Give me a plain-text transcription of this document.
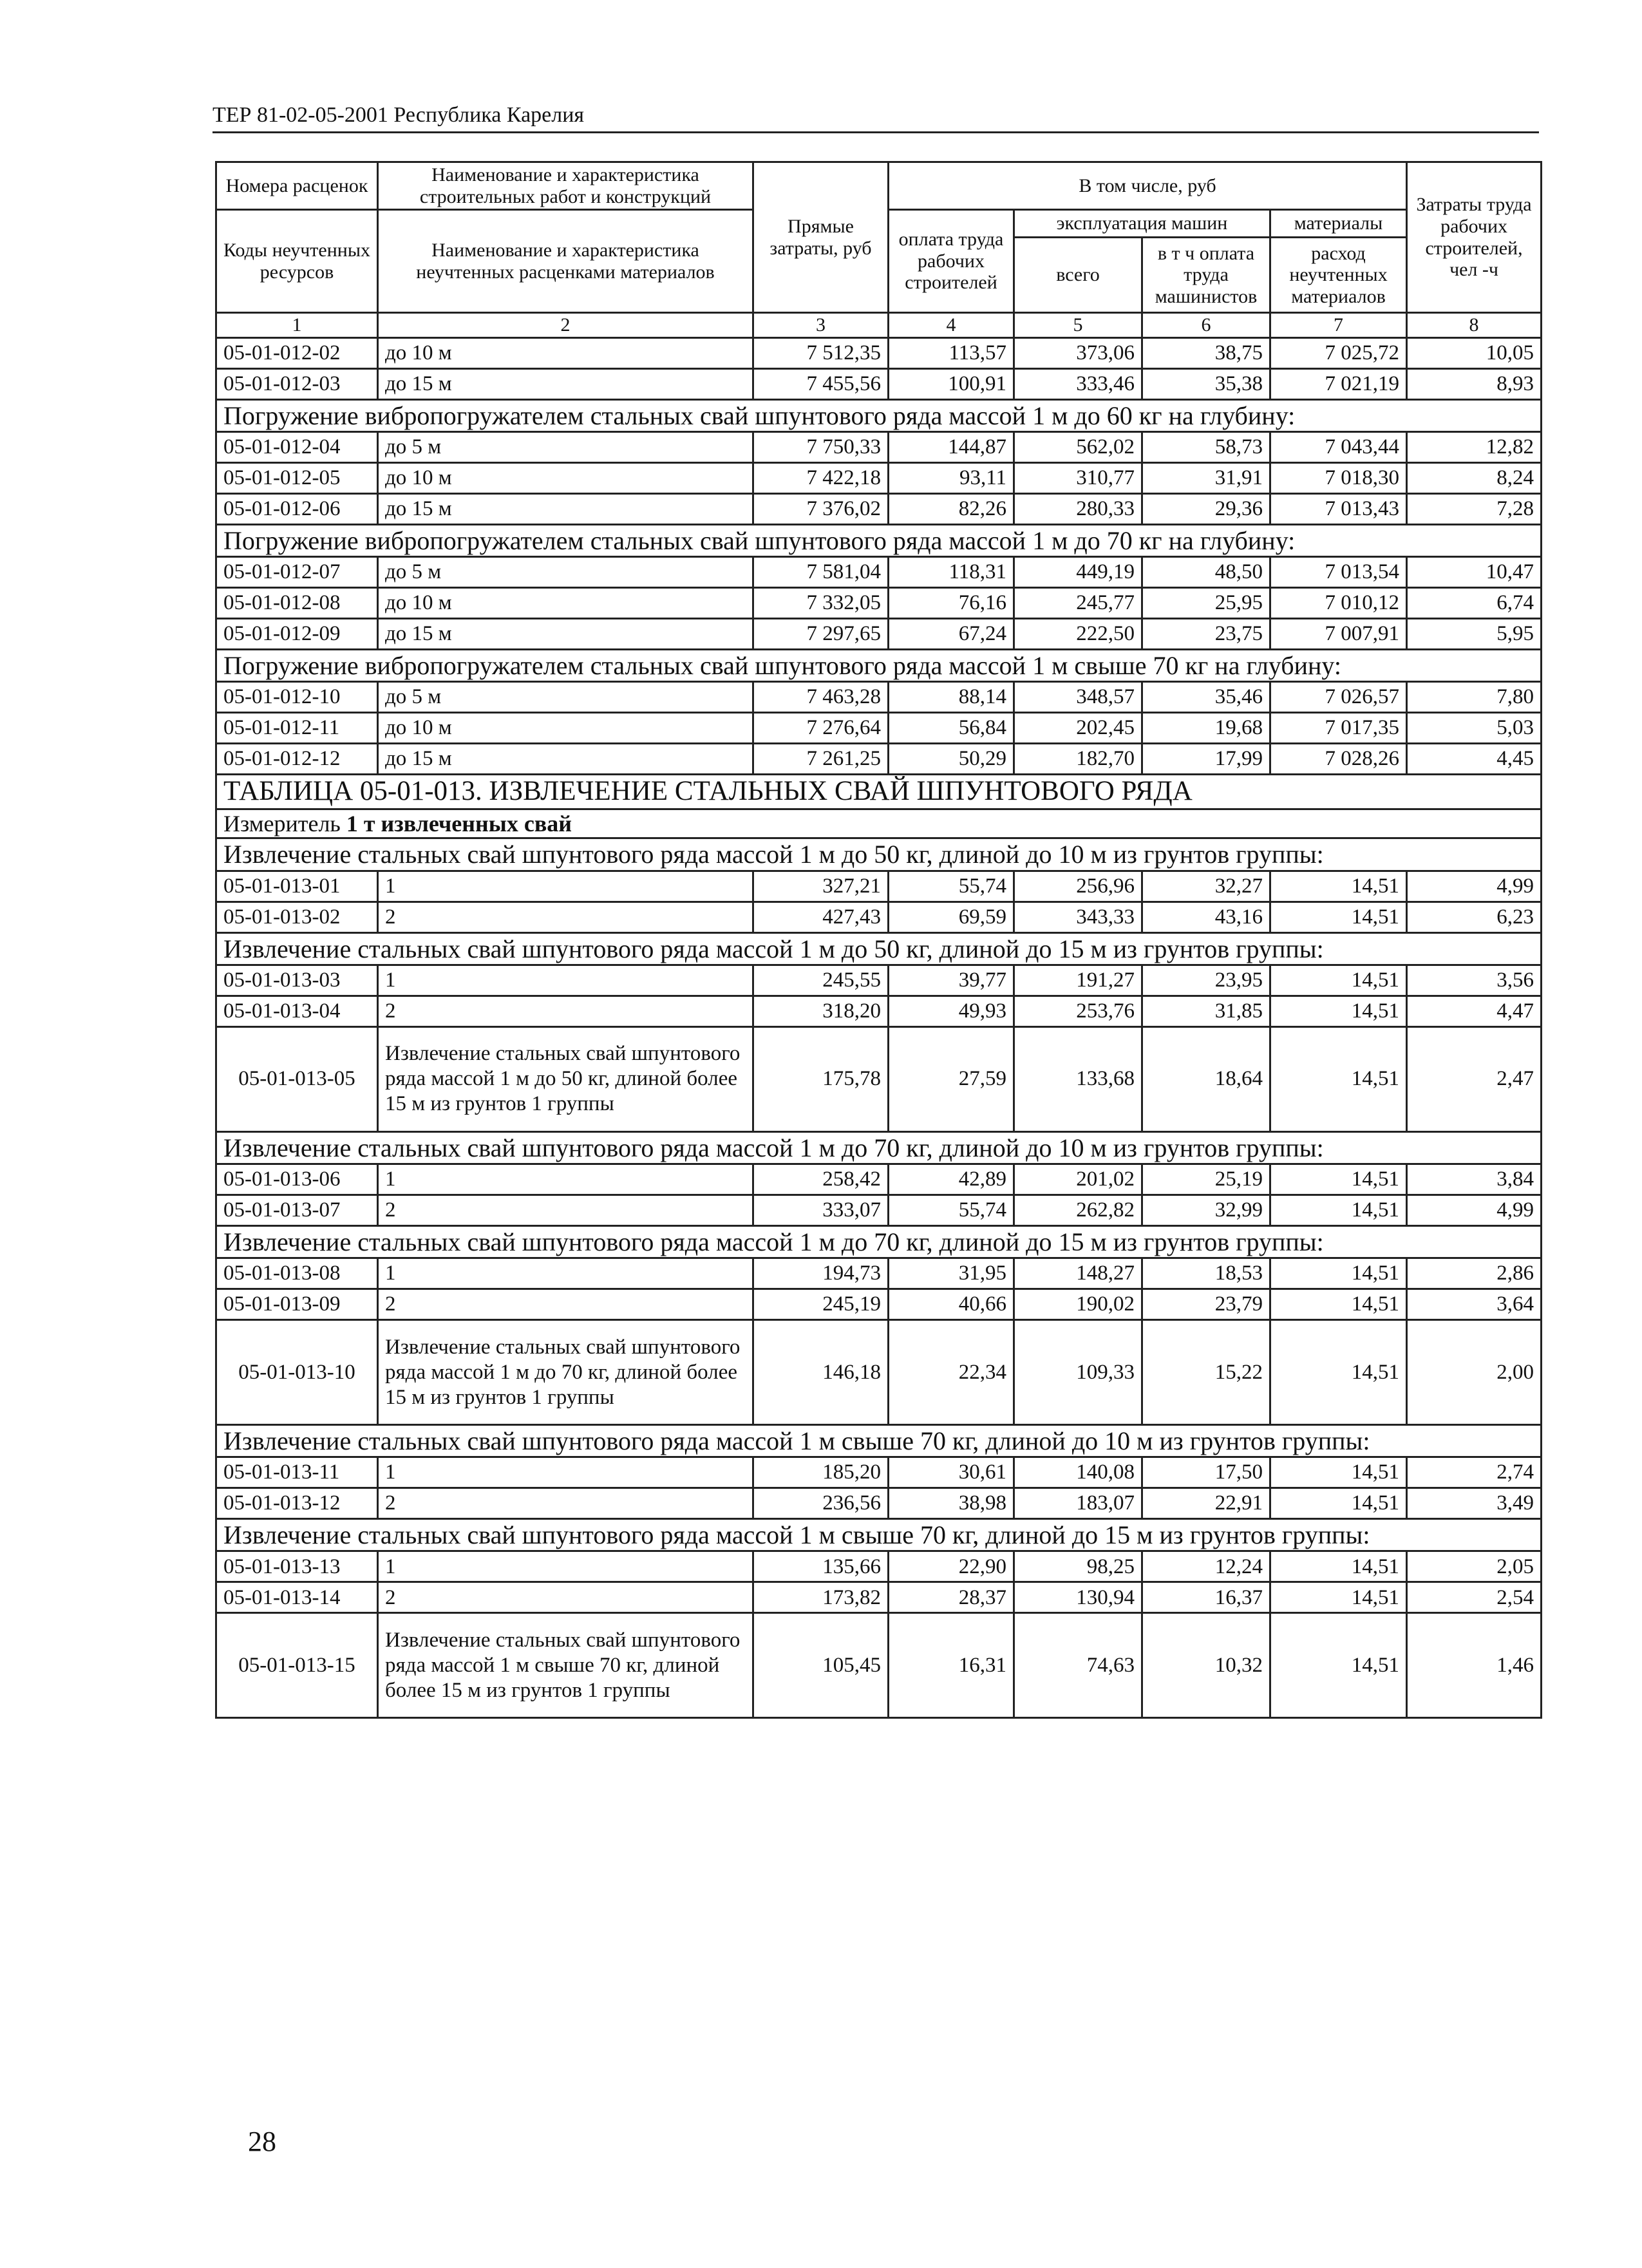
ТЕР 81-02-05-2001 Республика Карелия
Номера расценок	Наименование и характеристика строительных работ и конструкций	Прямые затраты, руб	В том числе, руб				Затраты труда рабочих строителей, чел -ч
Коды неучтенных ресурсов	Наименование и характеристика неучтенных расценками материалов		оплата труда рабочих строителей	эксплуатация машин		материалы	
				всего	в т ч оплата труда машинистов	расход неучтенных материалов	

1	2	3	4	5	6	7	8
05-01-012-02	до 10 м	7 512,35	113,57	373,06	38,75	7 025,72	10,05
05-01-012-03	до 15 м	7 455,56	100,91	333,46	35,38	7 021,19	8,93
Погружение вибропогружателем стальных свай шпунтового ряда массой 1 м до 60 кг на глубину:							
05-01-012-04	до 5 м	7 750,33	144,87	562,02	58,73	7 043,44	12,82
05-01-012-05	до 10 м	7 422,18	93,11	310,77	31,91	7 018,30	8,24
05-01-012-06	до 15 м	7 376,02	82,26	280,33	29,36	7 013,43	7,28
Погружение вибропогружателем стальных свай шпунтового ряда массой 1 м до 70 кг на глубину:							
05-01-012-07	до 5 м	7 581,04	118,31	449,19	48,50	7 013,54	10,47
05-01-012-08	до 10 м	7 332,05	76,16	245,77	25,95	7 010,12	6,74
05-01-012-09	до 15 м	7 297,65	67,24	222,50	23,75	7 007,91	5,95
Погружение вибропогружателем стальных свай шпунтового ряда массой 1 м свыше 70 кг на глубину:							
05-01-012-10	до 5 м	7 463,28	88,14	348,57	35,46	7 026,57	7,80
05-01-012-11	до 10 м	7 276,64	56,84	202,45	19,68	7 017,35	5,03
05-01-012-12	до 15 м	7 261,25	50,29	182,70	17,99	7 028,26	4,45
ТАБЛИЦА 05-01-013. ИЗВЛЕЧЕНИЕ СТАЛЬНЫХ СВАЙ ШПУНТОВОГО РЯДА							
Измеритель 1 т извлеченных свай							
Извлечение стальных свай шпунтового ряда массой 1 м до 50 кг, длиной до 10 м из грунтов группы:							
05-01-013-01	1	327,21	55,74	256,96	32,27	14,51	4,99
05-01-013-02	2	427,43	69,59	343,33	43,16	14,51	6,23
Извлечение стальных свай шпунтового ряда массой 1 м до 50 кг, длиной до 15 м из грунтов группы:							
05-01-013-03	1	245,55	39,77	191,27	23,95	14,51	3,56
05-01-013-04	2	318,20	49,93	253,76	31,85	14,51	4,47
05-01-013-05	Извлечение стальных свай шпунтового ряда массой 1 м до 50 кг, длиной более 15 м из грунтов 1 группы	175,78	27,59	133,68	18,64	14,51	2,47
Извлечение стальных свай шпунтового ряда массой 1 м до 70 кг, длиной до 10 м из грунтов группы:							
05-01-013-06	1	258,42	42,89	201,02	25,19	14,51	3,84
05-01-013-07	2	333,07	55,74	262,82	32,99	14,51	4,99
Извлечение стальных свай шпунтового ряда массой 1 м до 70 кг, длиной до 15 м из грунтов группы:							
05-01-013-08	1	194,73	31,95	148,27	18,53	14,51	2,86
05-01-013-09	2	245,19	40,66	190,02	23,79	14,51	3,64
05-01-013-10	Извлечение стальных свай шпунтового ряда массой 1 м до 70 кг, длиной более 15 м из грунтов 1 группы	146,18	22,34	109,33	15,22	14,51	2,00
Извлечение стальных свай шпунтового ряда массой 1 м свыше 70 кг, длиной до 10 м из грунтов группы:							
05-01-013-11	1	185,20	30,61	140,08	17,50	14,51	2,74
05-01-013-12	2	236,56	38,98	183,07	22,91	14,51	3,49
Извлечение стальных свай шпунтового ряда массой 1 м свыше 70 кг, длиной до 15 м из грунтов группы:							
05-01-013-13	1	135,66	22,90	98,25	12,24	14,51	2,05
05-01-013-14	2	173,82	28,37	130,94	16,37	14,51	2,54
05-01-013-15	Извлечение стальных свай шпунтового ряда массой 1 м свыше 70 кг, длиной более 15 м из грунтов 1 группы	105,45	16,31	74,63	10,32	14,51	1,46
28
